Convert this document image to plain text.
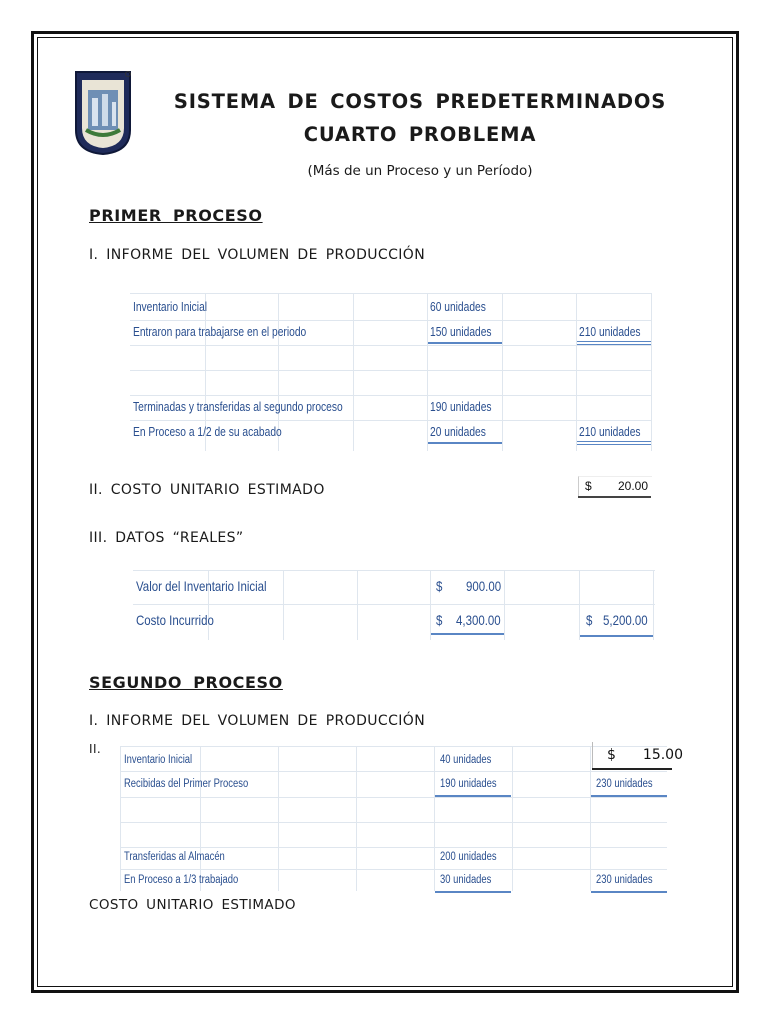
SISTEMA DE COSTOS PREDETERMINADOS
CUARTO PROBLEMA
(Más de un Proceso y un Período)
PRIMER PROCESO
I. INFORME DEL VOLUMEN DE PRODUCCIÓN
Inventario Inicial	60 unidades
Entraron para trabajarse en el periodo	150 unidades	210 unidades
Terminadas y transferidas al segundo proceso	190 unidades
En Proceso a 1/2 de su acabado	20 unidades	210 unidades
II. COSTO UNITARIO ESTIMADO	$ 20.00
III. DATOS “REALES”
Valor del Inventario Inicial	$ 900.00
Costo Incurrido	$ 4,300.00	$ 5,200.00
SEGUNDO PROCESO
I. INFORME DEL VOLUMEN DE PRODUCCIÓN
II.
Inventario Inicial	40 unidades
Recibidas del Primer Proceso	190 unidades	230 unidades
Transferidas al Almacén	200 unidades
En Proceso a 1/3 trabajado	30 unidades	230 unidades
$ 15.00
COSTO UNITARIO ESTIMADO
